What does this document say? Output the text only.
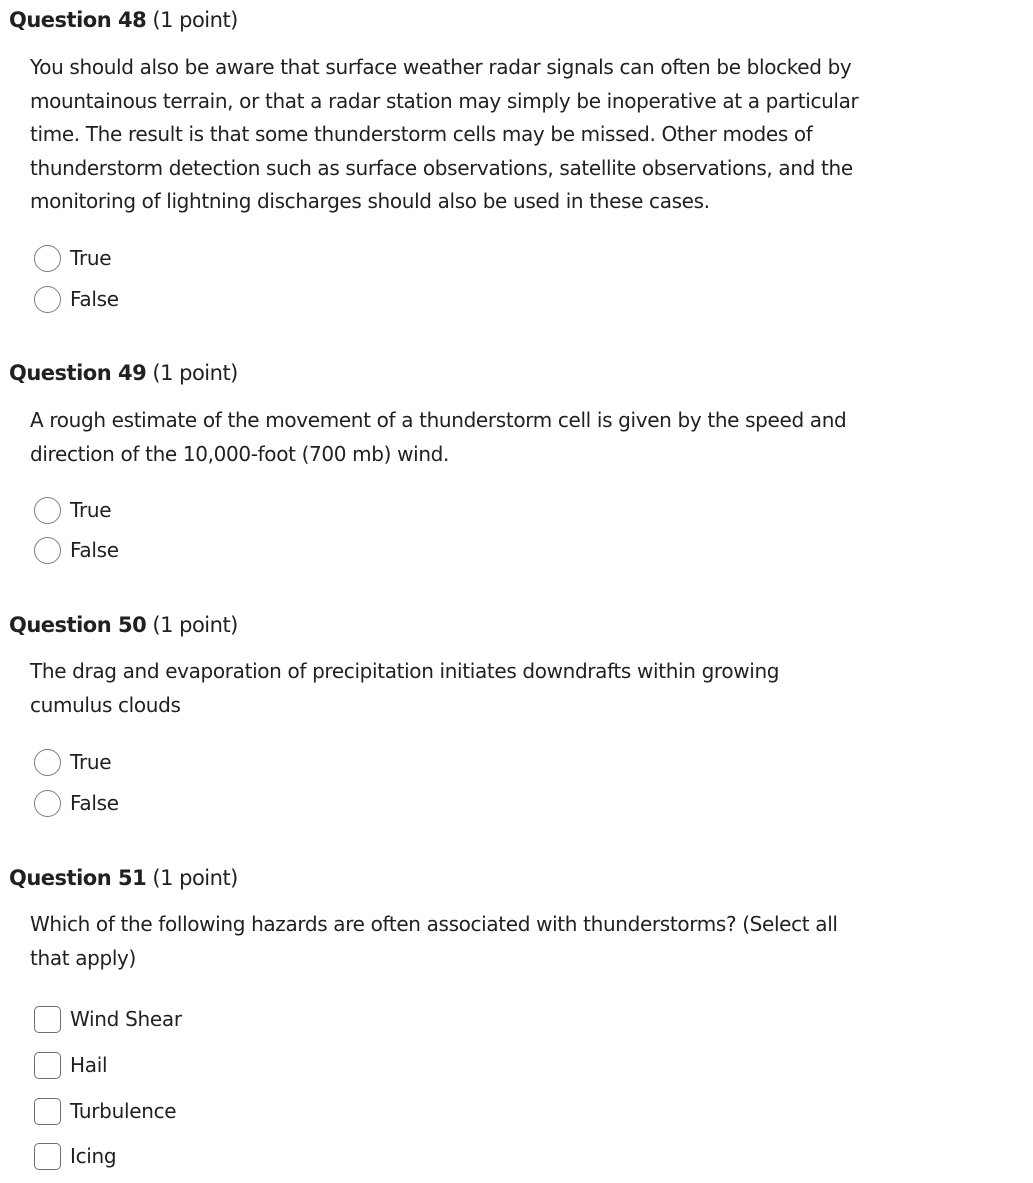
Question 48 (1 point)
You should also be aware that surface weather radar signals can often be blocked by
mountainous terrain, or that a radar station may simply be inoperative at a particular
time. The result is that some thunderstorm cells may be missed. Other modes of
thunderstorm detection such as surface observations, satellite observations, and the
monitoring of lightning discharges should also be used in these cases.
True
False
Question 49 (1 point)
A rough estimate of the movement of a thunderstorm cell is given by the speed and
direction of the 10,000-foot (700 mb) wind.
True
False
Question 50 (1 point)
The drag and evaporation of precipitation initiates downdrafts within growing
cumulus clouds
True
False
Question 51 (1 point)
Which of the following hazards are often associated with thunderstorms? (Select all
that apply)
Wind Shear
Hail
Turbulence
Icing
